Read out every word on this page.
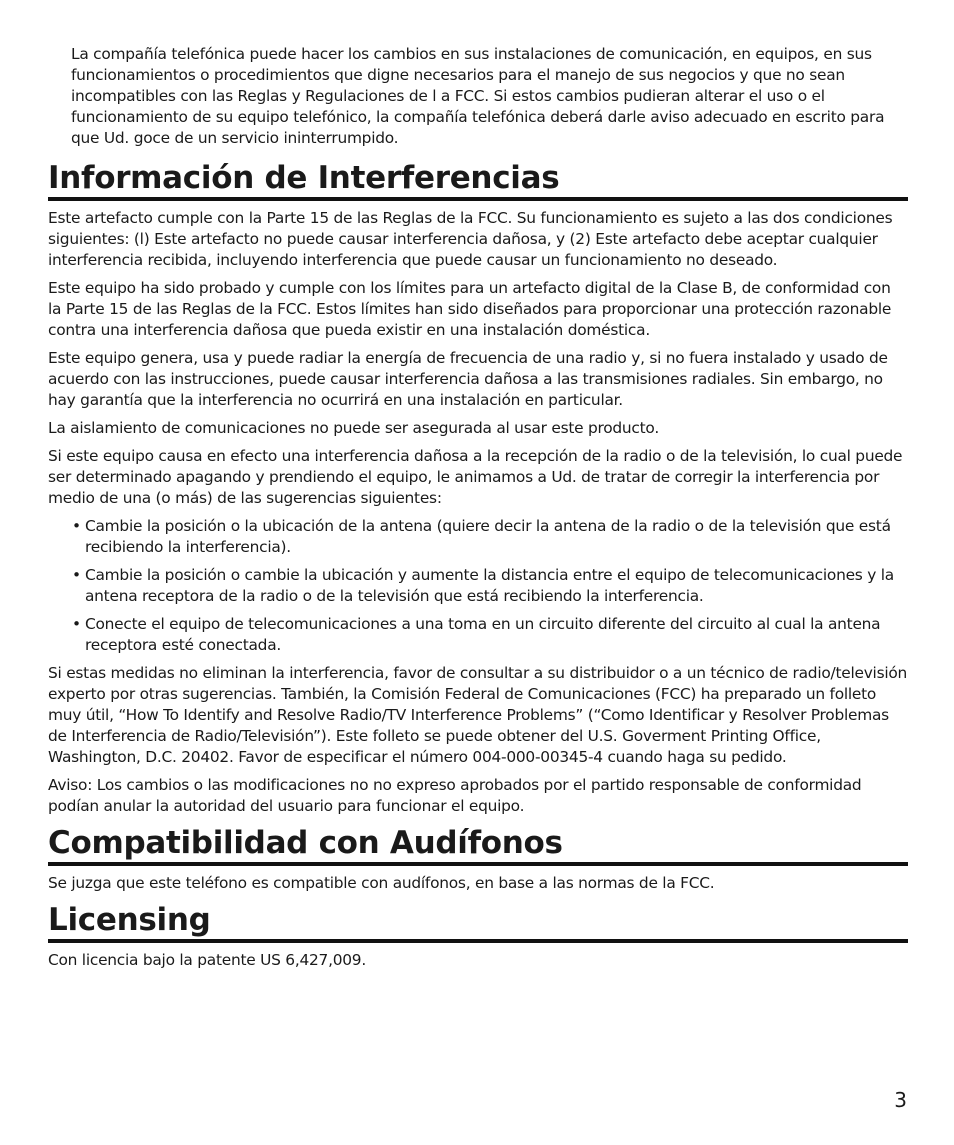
La compañía telefónica puede hacer los cambios en sus instalaciones de comunicación, en equipos, en sus funcionamientos o procedimientos que digne necesarios para el manejo de sus negocios y que no sean incompatibles con las Reglas y Regulaciones de l a FCC. Si estos cambios pudieran alterar el uso o el funcionamiento de su equipo telefónico, la compañía telefónica deberá darle aviso adecuado en escrito para que Ud. goce de un servicio ininterrumpido.

Información de Interferencias

Este artefacto cumple con la Parte 15 de las Reglas de la FCC. Su funcionamiento es sujeto a las dos condiciones siguientes: (l) Este artefacto no puede causar interferencia dañosa, y (2) Este artefacto debe aceptar cualquier interferencia recibida, incluyendo interferencia que puede causar un funcionamiento no deseado.

Este equipo ha sido probado y cumple con los límites para un artefacto digital de la Clase B, de conformidad con la Parte 15 de las Reglas de la FCC. Estos límites han sido diseñados para proporcionar una protección razonable contra una interferencia dañosa que pueda existir en una instalación doméstica.

Este equipo genera, usa y puede radiar la energía de frecuencia de una radio y, si no fuera instalado y usado de acuerdo con las instrucciones, puede causar interferencia dañosa a las transmisiones radiales. Sin embargo, no hay garantía que la interferencia no ocurrirá en una instalación en particular.

La aislamiento de comunicaciones no puede ser asegurada al usar este producto.

Si este equipo causa en efecto una interferencia dañosa a la recepción de la radio o de la televisión, lo cual puede ser determinado apagando y prendiendo el equipo, le animamos a Ud. de tratar de corregir la interferencia por medio de una (o más) de las sugerencias siguientes:

• Cambie la posición o la ubicación de la antena (quiere decir la antena de la radio o de la televisión que está recibiendo la interferencia).
• Cambie la posición o cambie la ubicación y aumente la distancia entre el equipo de telecomunicaciones y la antena receptora de la radio o de la televisión que está recibiendo la interferencia.
• Conecte el equipo de telecomunicaciones a una toma en un circuito diferente del circuito al cual la antena receptora esté conectada.

Si estas medidas no eliminan la interferencia, favor de consultar a su distribuidor o a un técnico de radio/televisión experto por otras sugerencias. También, la Comisión Federal de Comunicaciones (FCC) ha preparado un folleto muy útil, “How To Identify and Resolve Radio/TV Interference Problems” (“Como Identificar y Resolver Problemas de Interferencia de Radio/Televisión”). Este folleto se puede obtener del U.S. Goverment Printing Office, Washington, D.C. 20402. Favor de especificar el número 004-000-00345-4 cuando haga su pedido.

Aviso: Los cambios o las modificaciones no no expreso aprobados por el partido responsable de conformidad podían anular la autoridad del usuario para funcionar el equipo.

Compatibilidad con Audífonos

Se juzga que este teléfono es compatible con audífonos, en base a las normas de la FCC.

Licensing

Con licencia bajo la patente US 6,427,009.

3
